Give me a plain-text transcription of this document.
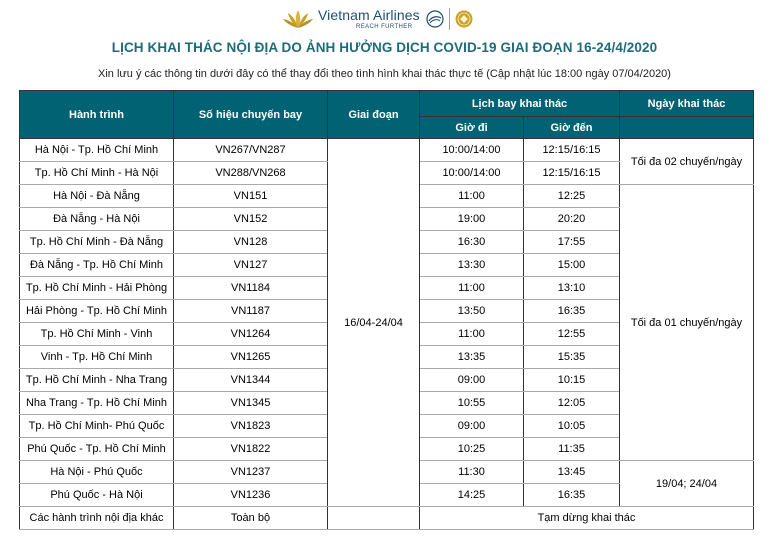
Vietnam Airlines
REACH FURTHER
LỊCH KHAI THÁC NỘI ĐỊA DO ẢNH HƯỞNG DỊCH COVID-19 GIAI ĐOẠN 16-24/4/2020
Xin lưu ý các thông tin dưới đây có thể thay đổi theo tình hình khai thác thực tế (Cập nhật lúc 18:00 ngày 07/04/2020)
Hành trình	Số hiệu chuyến bay	Giai đoạn	Lịch bay khai thác		Ngày khai thác
			Giờ đi	Giờ đến	
Hà Nội - Tp. Hồ Chí Minh	VN267/VN287	16/04-24/04	10:00/14:00	12:15/16:15	Tối đa 02 chuyến/ngày
Tp. Hồ Chí Minh - Hà Nội	VN288/VN268		10:00/14:00	12:15/16:15	
Hà Nội - Đà Nẵng	VN151		11:00	12:25	Tối đa 01 chuyến/ngày
Đà Nẵng - Hà Nội	VN152		19:00	20:20	
Tp. Hồ Chí Minh - Đà Nẵng	VN128		16:30	17:55	
Đà Nẵng - Tp. Hồ Chí Minh	VN127		13:30	15:00	
Tp. Hồ Chí Minh - Hải Phòng	VN1184		11:00	13:10	
Hải Phòng - Tp. Hồ Chí Minh	VN1187		13:50	16:35	
Tp. Hồ Chí Minh - Vinh	VN1264		11:00	12:55	
Vinh - Tp. Hồ Chí Minh	VN1265		13:35	15:35	
Tp. Hồ Chí Minh - Nha Trang	VN1344		09:00	10:15	
Nha Trang - Tp. Hồ Chí Minh	VN1345		10:55	12:05	
Tp. Hồ Chí Minh- Phú Quốc	VN1823		09:00	10:05	
Phú Quốc - Tp. Hồ Chí Minh	VN1822		10:25	11:35	
Hà Nội - Phú Quốc	VN1237		11:30	13:45	19/04; 24/04
Phú Quốc - Hà Nội	VN1236		14:25	16:35	
Các hành trình nội địa khác	Toàn bộ		Tạm dừng khai thác		
